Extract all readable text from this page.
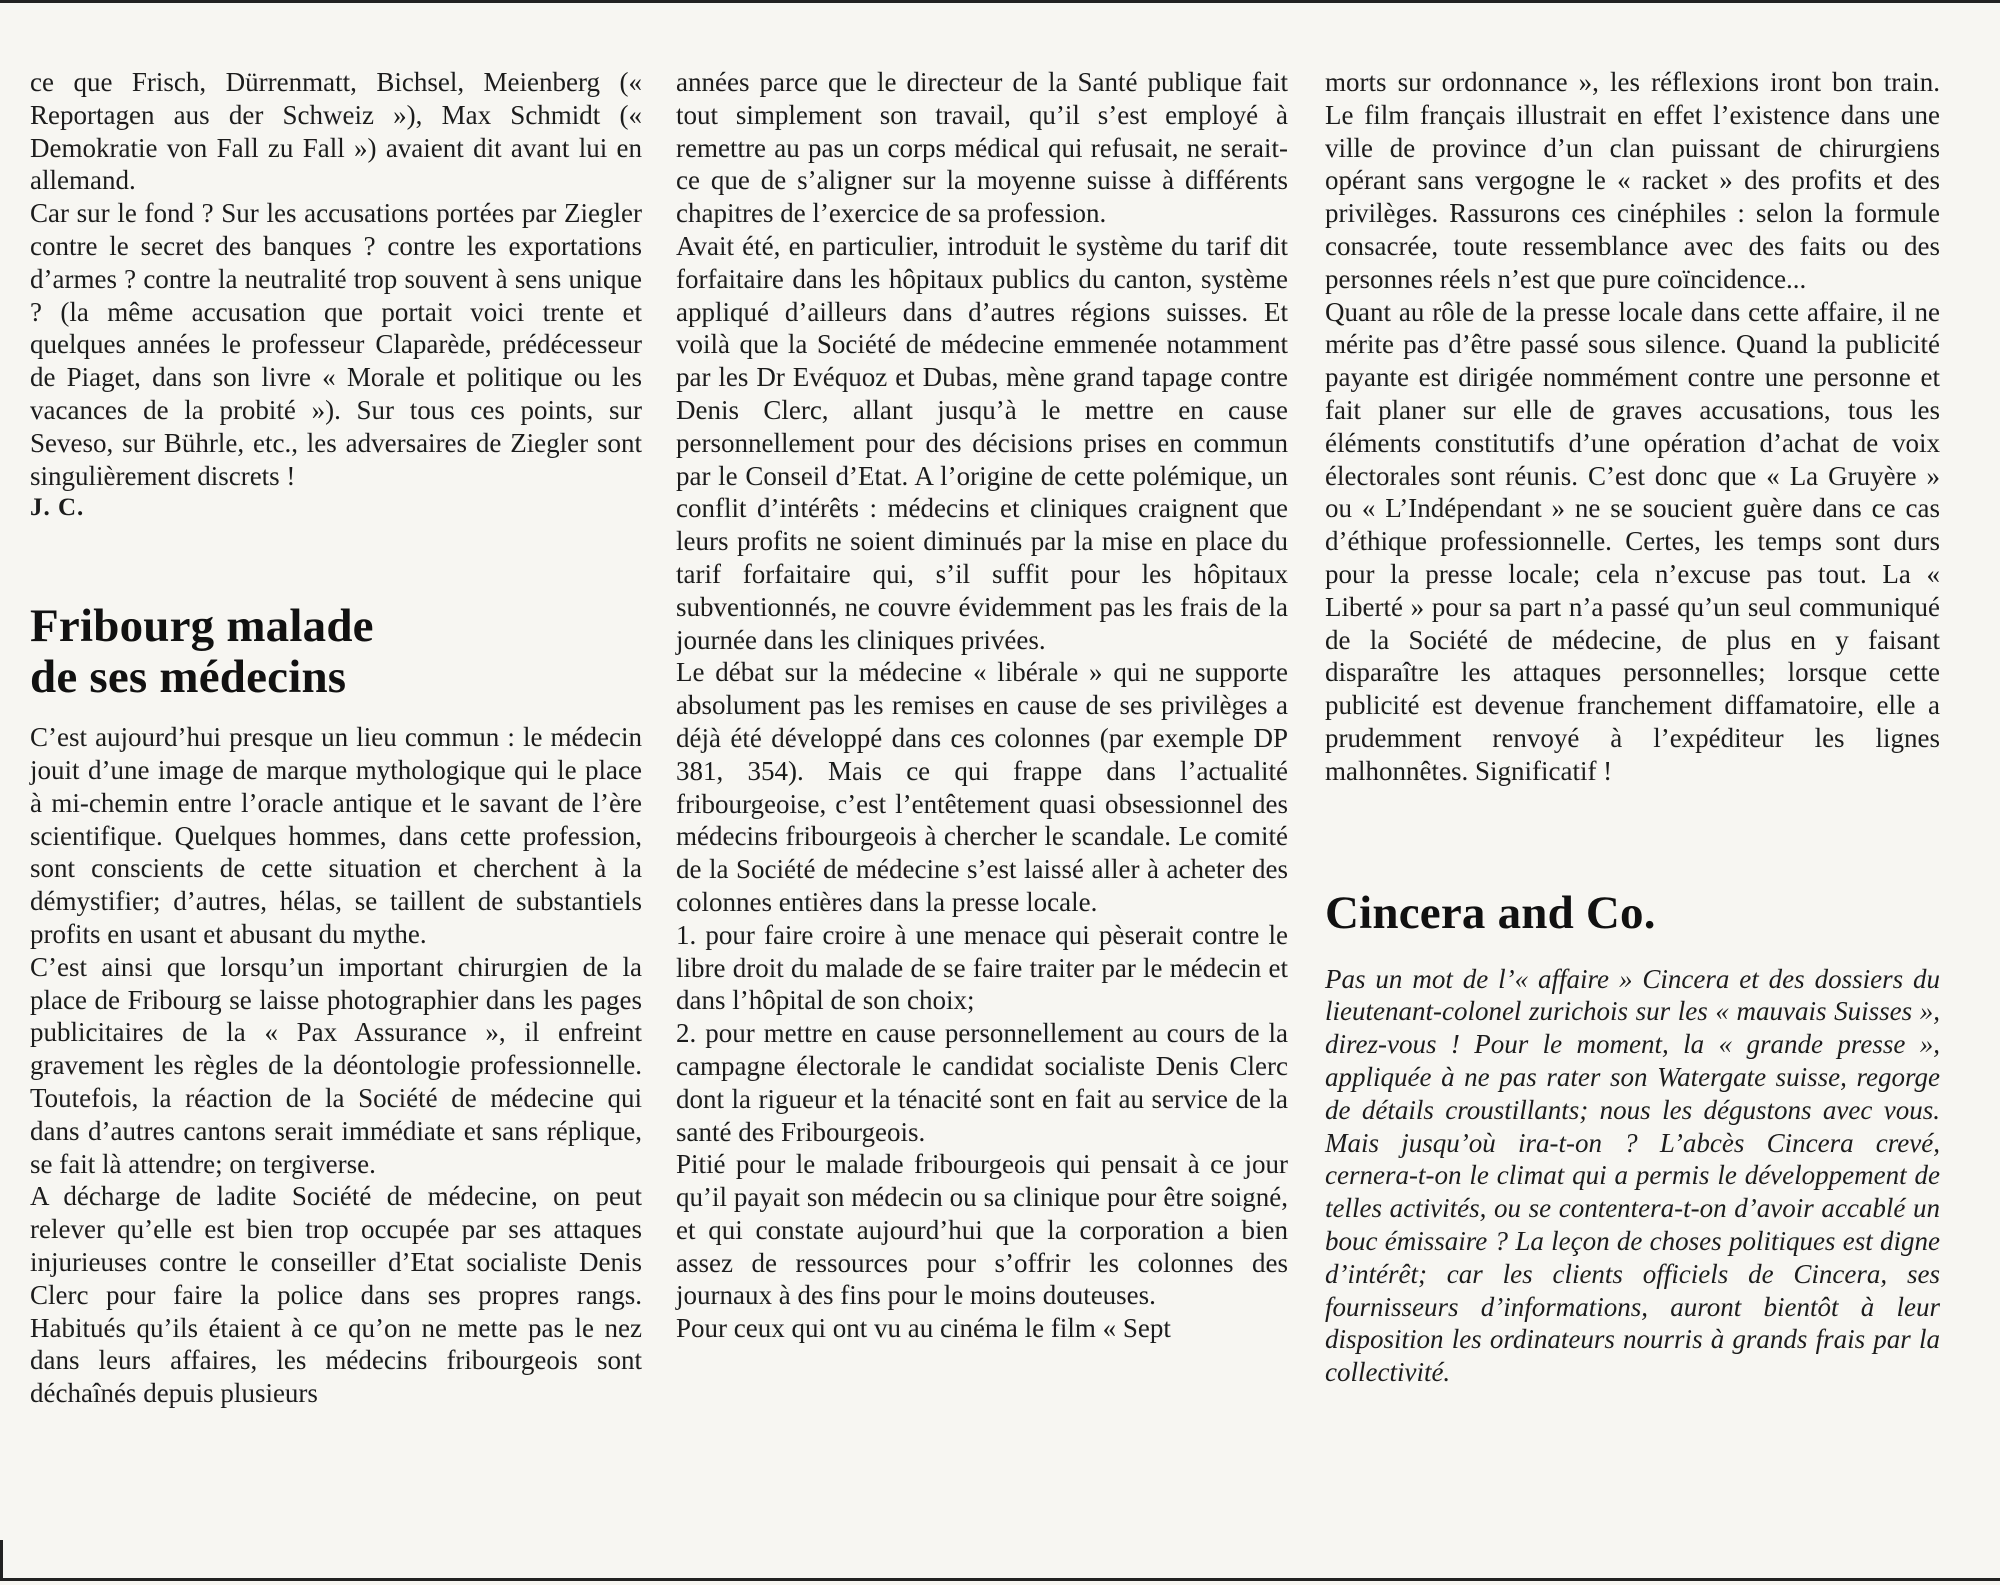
ce que Frisch, Dürrenmatt, Bichsel, Meienberg (« Reportagen aus der Schweiz »), Max Schmidt (« Demokratie von Fall zu Fall ») avaient dit avant lui en allemand.

Car sur le fond ? Sur les accusations portées par Ziegler contre le secret des banques ? contre les exportations d’armes ? contre la neutralité trop souvent à sens unique ? (la même accusation que portait voici trente et quelques années le professeur Claparède, prédécesseur de Piaget, dans son livre « Morale et politique ou les vacances de la probité »). Sur tous ces points, sur Seveso, sur Bührle, etc., les adversaires de Ziegler sont singulièrement discrets !

J. C.

Fribourg malade
de ses médecins

C’est aujourd’hui presque un lieu commun : le médecin jouit d’une image de marque mythologique qui le place à mi-chemin entre l’oracle antique et le savant de l’ère scientifique. Quelques hommes, dans cette profession, sont conscients de cette situation et cherchent à la démystifier; d’autres, hélas, se taillent de substantiels profits en usant et abusant du mythe.

C’est ainsi que lorsqu’un important chirurgien de la place de Fribourg se laisse photographier dans les pages publicitaires de la « Pax Assurance », il enfreint gravement les règles de la déontologie professionnelle. Toutefois, la réaction de la Société de médecine qui dans d’autres cantons serait immédiate et sans réplique, se fait là attendre; on tergiverse.

A décharge de ladite Société de médecine, on peut relever qu’elle est bien trop occupée par ses attaques injurieuses contre le conseiller d’Etat socialiste Denis Clerc pour faire la police dans ses propres rangs. Habitués qu’ils étaient à ce qu’on ne mette pas le nez dans leurs affaires, les médecins fribourgeois sont déchaînés depuis plusieurs

années parce que le directeur de la Santé publique fait tout simplement son travail, qu’il s’est employé à remettre au pas un corps médical qui refusait, ne serait-ce que de s’aligner sur la moyenne suisse à différents chapitres de l’exercice de sa profession.

Avait été, en particulier, introduit le système du tarif dit forfaitaire dans les hôpitaux publics du canton, système appliqué d’ailleurs dans d’autres régions suisses. Et voilà que la Société de médecine emmenée notamment par les Dr Evéquoz et Dubas, mène grand tapage contre Denis Clerc, allant jusqu’à le mettre en cause personnellement pour des décisions prises en commun par le Conseil d’Etat. A l’origine de cette polémique, un conflit d’intérêts : médecins et cliniques craignent que leurs profits ne soient diminués par la mise en place du tarif forfaitaire qui, s’il suffit pour les hôpitaux subventionnés, ne couvre évidemment pas les frais de la journée dans les cliniques privées.

Le débat sur la médecine « libérale » qui ne supporte absolument pas les remises en cause de ses privilèges a déjà été développé dans ces colonnes (par exemple DP 381, 354). Mais ce qui frappe dans l’actualité fribourgeoise, c’est l’entêtement quasi obsessionnel des médecins fribourgeois à chercher le scandale. Le comité de la Société de médecine s’est laissé aller à acheter des colonnes entières dans la presse locale.

1. pour faire croire à une menace qui pèserait contre le libre droit du malade de se faire traiter par le médecin et dans l’hôpital de son choix;

2. pour mettre en cause personnellement au cours de la campagne électorale le candidat socialiste Denis Clerc dont la rigueur et la ténacité sont en fait au service de la santé des Fribourgeois.

Pitié pour le malade fribourgeois qui pensait à ce jour qu’il payait son médecin ou sa clinique pour être soigné, et qui constate aujourd’hui que la corporation a bien assez de ressources pour s’offrir les colonnes des journaux à des fins pour le moins douteuses.

Pour ceux qui ont vu au cinéma le film « Sept

morts sur ordonnance », les réflexions iront bon train. Le film français illustrait en effet l’existence dans une ville de province d’un clan puissant de chirurgiens opérant sans vergogne le « racket » des profits et des privilèges. Rassurons ces cinéphiles : selon la formule consacrée, toute ressemblance avec des faits ou des personnes réels n’est que pure coïncidence...

Quant au rôle de la presse locale dans cette affaire, il ne mérite pas d’être passé sous silence. Quand la publicité payante est dirigée nommément contre une personne et fait planer sur elle de graves accusations, tous les éléments constitutifs d’une opération d’achat de voix électorales sont réunis. C’est donc que « La Gruyère » ou « L’Indépendant » ne se soucient guère dans ce cas d’éthique professionnelle. Certes, les temps sont durs pour la presse locale; cela n’excuse pas tout. La « Liberté » pour sa part n’a passé qu’un seul communiqué de la Société de médecine, de plus en y faisant disparaître les attaques personnelles; lorsque cette publicité est devenue franchement diffamatoire, elle a prudemment renvoyé à l’expéditeur les lignes malhonnêtes. Significatif !

Cincera and Co.

Pas un mot de l’« affaire » Cincera et des dossiers du lieutenant-colonel zurichois sur les « mauvais Suisses », direz-vous ! Pour le moment, la « grande presse », appliquée à ne pas rater son Watergate suisse, regorge de détails croustillants; nous les dégustons avec vous. Mais jusqu’où ira-t-on ? L’abcès Cincera crevé, cernera-t-on le climat qui a permis le développement de telles activités, ou se contentera-t-on d’avoir accablé un bouc émissaire ? La leçon de choses politiques est digne d’intérêt; car les clients officiels de Cincera, ses fournisseurs d’informations, auront bientôt à leur disposition les ordinateurs nourris à grands frais par la collectivité.
